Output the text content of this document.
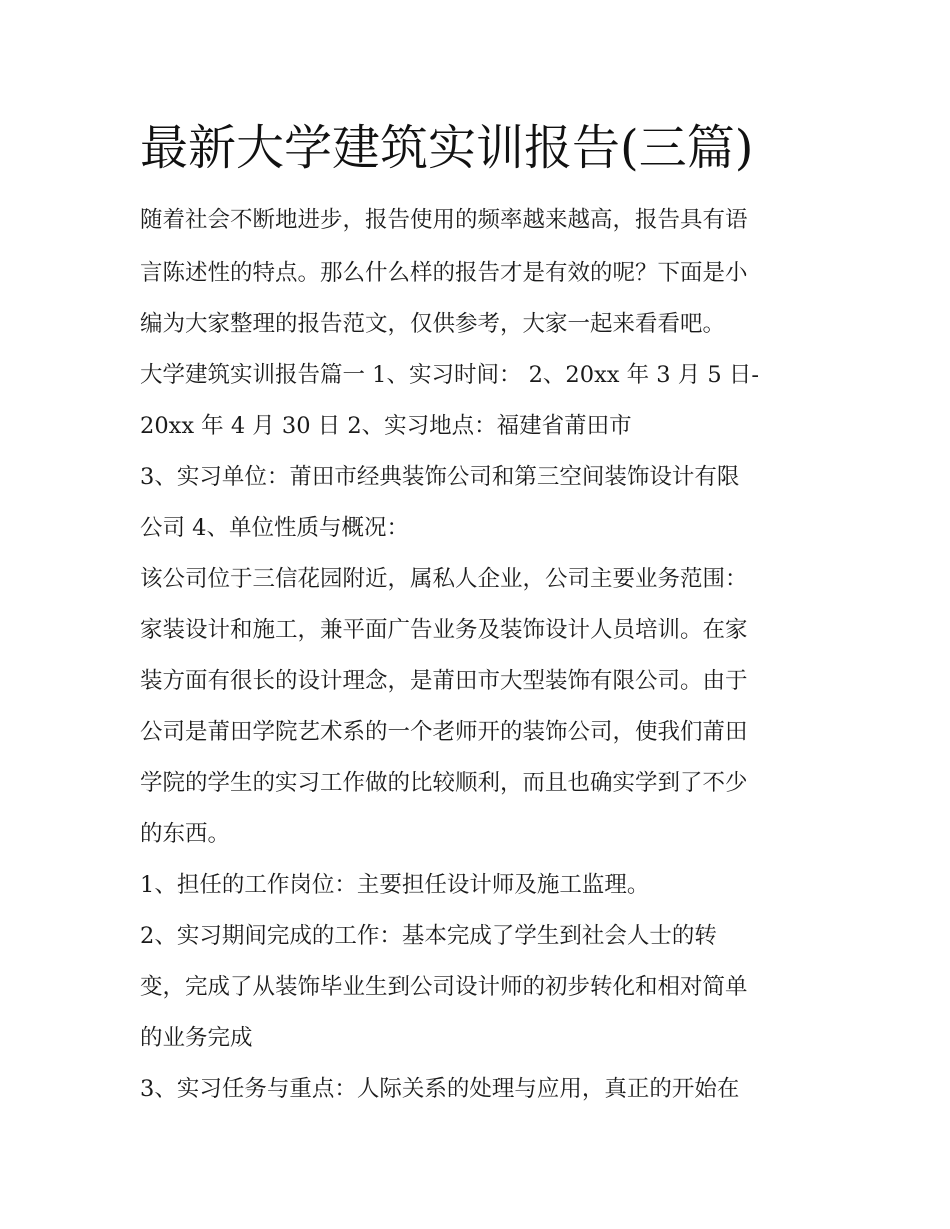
最新大学建筑实训报告(三篇)

随着社会不断地进步，报告使用的频率越来越高，报告具有语

言陈述性的特点。那么什么样的报告才是有效的呢？下面是小

编为大家整理的报告范文，仅供参考，大家一起来看看吧。

大学建筑实训报告篇一 1、实习时间： 2、20xx 年 3 月 5 日-

20xx 年 4 月 30 日 2、实习地点：福建省莆田市

3、实习单位：莆田市经典装饰公司和第三空间装饰设计有限

公司 4、单位性质与概况：

该公司位于三信花园附近，属私人企业，公司主要业务范围：

家装设计和施工，兼平面广告业务及装饰设计人员培训。在家

装方面有很长的设计理念，是莆田市大型装饰有限公司。由于

公司是莆田学院艺术系的一个老师开的装饰公司，使我们莆田

学院的学生的实习工作做的比较顺利，而且也确实学到了不少

的东西。

1、担任的工作岗位：主要担任设计师及施工监理。

2、实习期间完成的工作：基本完成了学生到社会人士的转

变，完成了从装饰毕业生到公司设计师的初步转化和相对简单

的业务完成

3、实习任务与重点：人际关系的处理与应用，真正的开始在
